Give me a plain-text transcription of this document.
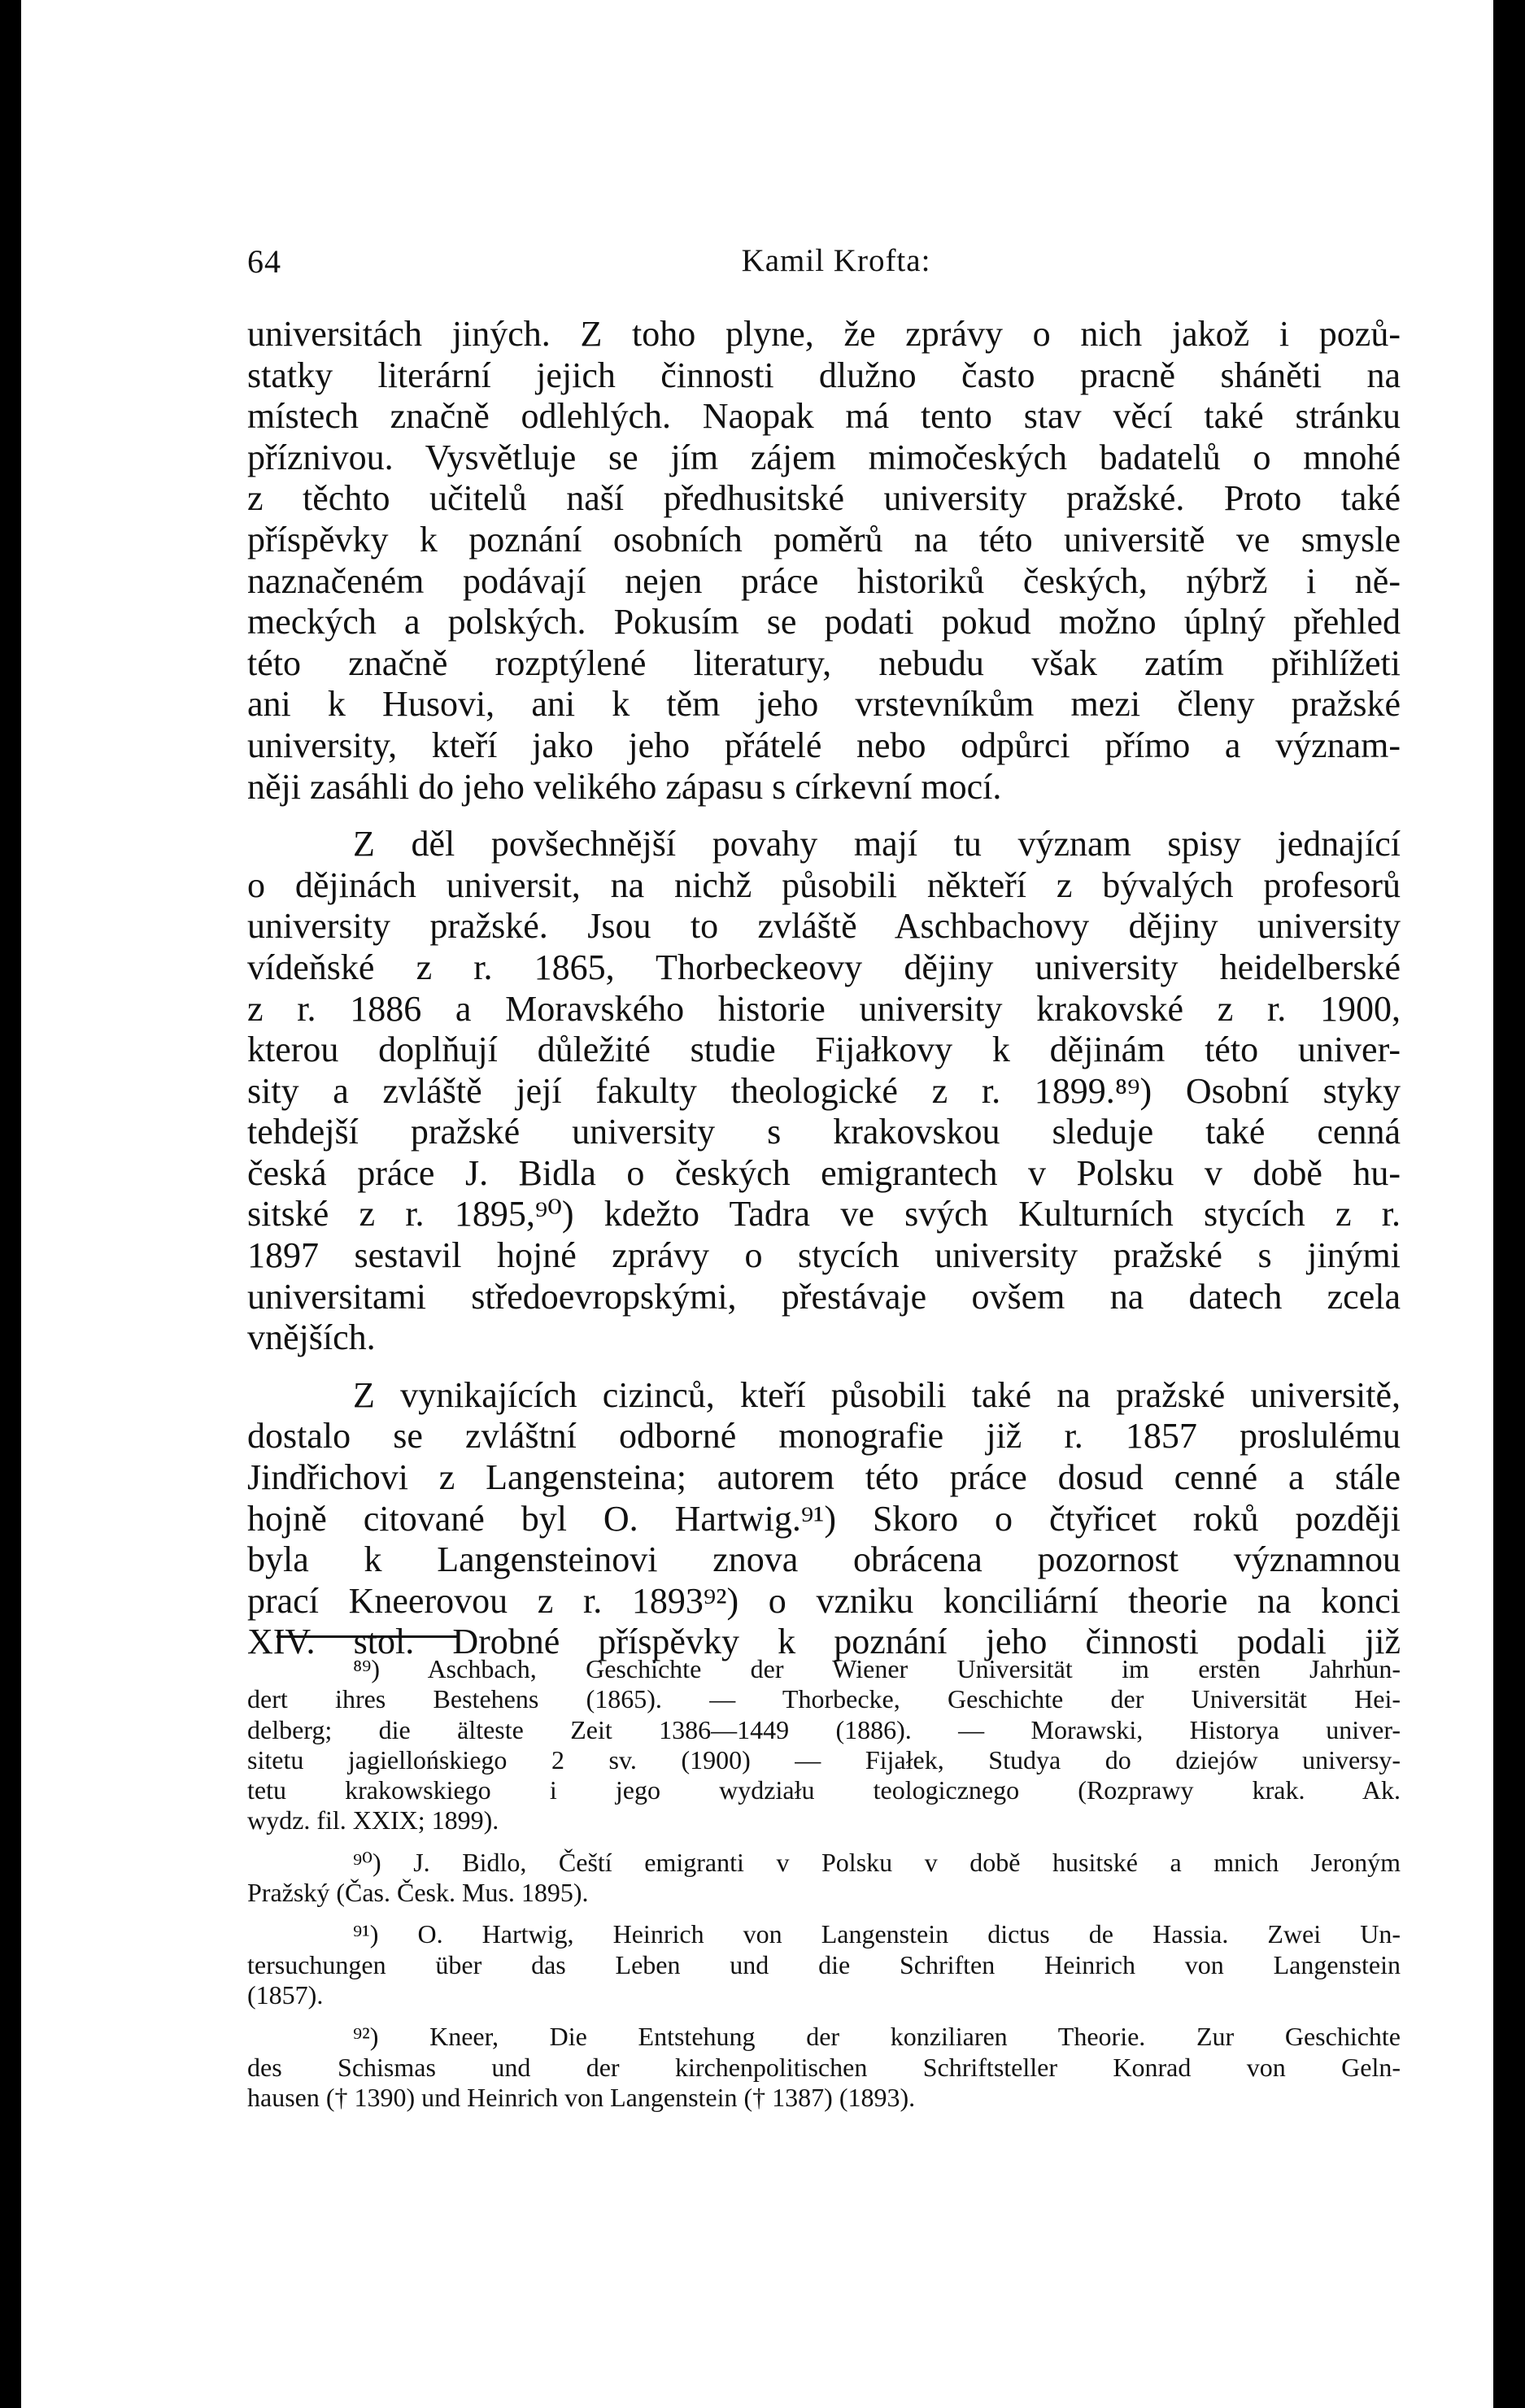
64	Kamil Krofta:
universitách jiných. Z toho plyne, že zprávy o nich jakož i pozů-
statky literární jejich činnosti dlužno často pracně sháněti na
místech značně odlehlých. Naopak má tento stav věcí také stránku
příznivou. Vysvětluje se jím zájem mimočeských badatelů o mnohé
z těchto učitelů naší předhusitské university pražské. Proto také
příspěvky k poznání osobních poměrů na této universitě ve smysle
naznačeném podávají nejen práce historiků českých, nýbrž i ně-
meckých a polských. Pokusím se podati pokud možno úplný přehled
této značně rozptýlené literatury, nebudu však zatím přihlížeti
ani k Husovi, ani k těm jeho vrstevníkům mezi členy pražské
university, kteří jako jeho přátelé nebo odpůrci přímo a význam-
něji zasáhli do jeho velikého zápasu s církevní mocí.
Z děl povšechnější povahy mají tu význam spisy jednající
o dějinách universit, na nichž působili někteří z bývalých profesorů
university pražské. Jsou to zvláště Aschbachovy dějiny university
vídeňské z r. 1865, Thorbeckeovy dějiny university heidelberské
z r. 1886 a Moravského historie university krakovské z r. 1900,
kterou doplňují důležité studie Fijałkovy k dějinám této univer-
sity a zvláště její fakulty theologické z r. 1899.⁸⁹) Osobní styky
tehdejší pražské university s krakovskou sleduje také cenná
česká práce J. Bidla o českých emigrantech v Polsku v době hu-
sitské z r. 1895,⁹⁰) kdežto Tadra ve svých Kulturních stycích z r.
1897 sestavil hojné zprávy o stycích university pražské s jinými
universitami středoevropskými, přestávaje ovšem na datech zcela
vnějších.
Z vynikajících cizinců, kteří působili také na pražské universitě,
dostalo se zvláštní odborné monografie již r. 1857 proslulému
Jindřichovi z Langensteina; autorem této práce dosud cenné a stále
hojně citované byl O. Hartwig.⁹¹) Skoro o čtyřicet roků později
byla k Langensteinovi znova obrácena pozornost významnou
prací Kneerovou z r. 1893⁹²) o vzniku konciliární theorie na konci
XIV. stol. Drobné příspěvky k poznání jeho činnosti podali již
⁸⁹) Aschbach, Geschichte der Wiener Universität im ersten Jahrhun-
dert ihres Bestehens (1865). — Thorbecke, Geschichte der Universität Hei-
delberg; die älteste Zeit 1386—1449 (1886). — Morawski, Historya univer-
sitetu jagiellońskiego 2 sv. (1900) — Fijałek, Studya do dziejów universy-
tetu krakowskiego i jego wydziału teologicznego (Rozprawy krak. Ak.
wydz. fil. XXIX; 1899).
⁹⁰) J. Bidlo, Čeští emigranti v Polsku v době husitské a mnich Jeroným
Pražský (Čas. Česk. Mus. 1895).
⁹¹) O. Hartwig, Heinrich von Langenstein dictus de Hassia. Zwei Un-
tersuchungen über das Leben und die Schriften Heinrich von Langenstein
(1857).
⁹²) Kneer, Die Entstehung der konziliaren Theorie. Zur Geschichte
des Schismas und der kirchenpolitischen Schriftsteller Konrad von Geln-
hausen († 1390) und Heinrich von Langenstein († 1387) (1893).
